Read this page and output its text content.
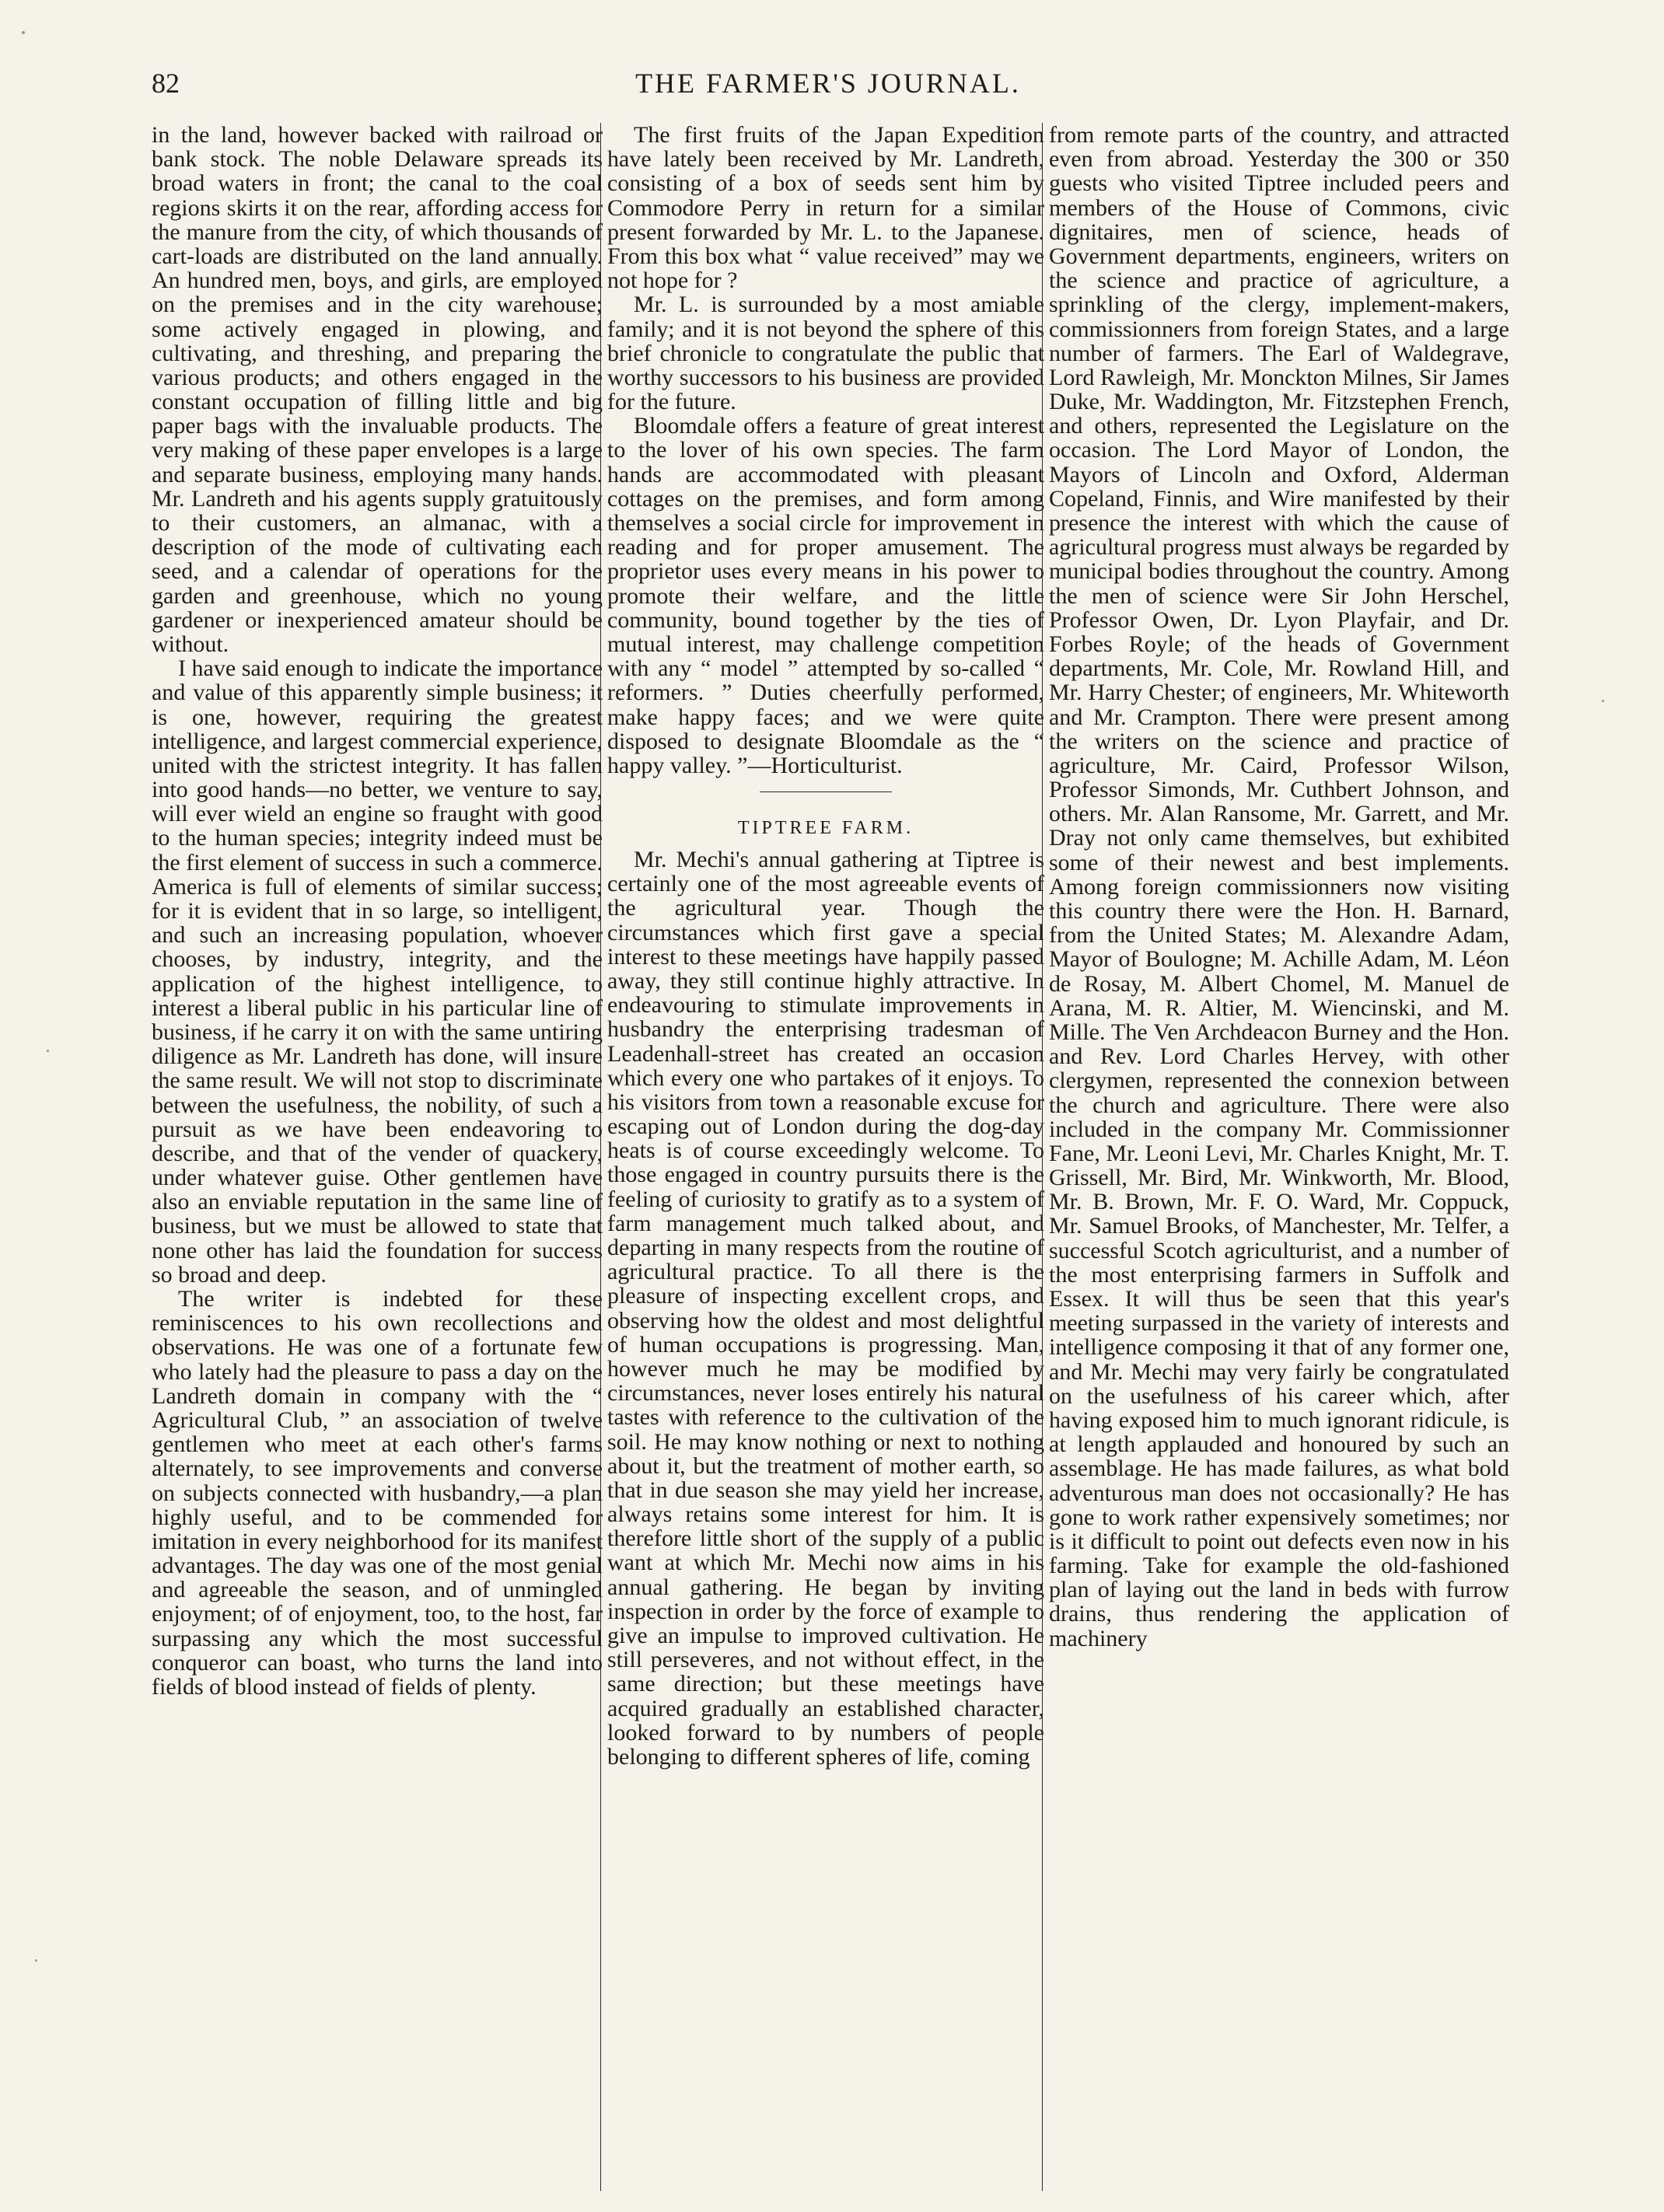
82	THE FARMER'S JOURNAL.

in the land, however backed with railroad or bank stock. The noble Delaware spreads its broad waters in front; the canal to the coal regions skirts it on the rear, affording access for the manure from the city, of which thousands of cart-loads are distributed on the land annually. An hundred men, boys, and girls, are employed on the premises and in the city warehouse; some actively engaged in plowing, and cultivating, and threshing, and preparing the various products; and others engaged in the constant occupation of filling little and big paper bags with the invaluable products. The very making of these paper envelopes is a large and separate business, employing many hands. Mr. Landreth and his agents supply gratuitously to their customers, an almanac, with a description of the mode of cultivating each seed, and a calendar of operations for the garden and greenhouse, which no young gardener or inexperienced amateur should be without.

I have said enough to indicate the importance and value of this apparently simple business; it is one, however, requiring the greatest intelligence, and largest commercial experience, united with the strictest integrity. It has fallen into good hands—no better, we venture to say, will ever wield an engine so fraught with good to the human species; integrity indeed must be the first element of success in such a commerce. America is full of elements of similar success; for it is evident that in so large, so intelligent, and such an increasing population, whoever chooses, by industry, integrity, and the application of the highest intelligence, to interest a liberal public in his particular line of business, if he carry it on with the same untiring diligence as Mr. Landreth has done, will insure the same result. We will not stop to discriminate between the usefulness, the nobility, of such a pursuit as we have been endeavoring to describe, and that of the vender of quackery, under whatever guise. Other gentlemen have also an enviable reputation in the same line of business, but we must be allowed to state that none other has laid the foundation for success so broad and deep.

The writer is indebted for these reminiscences to his own recollections and observations. He was one of a fortunate few who lately had the pleasure to pass a day on the Landreth domain in company with the “ Agricultural Club, ” an association of twelve gentlemen who meet at each other's farms alternately, to see improvements and converse on subjects connected with husbandry,—a plan highly useful, and to be commended for imitation in every neighborhood for its manifest advantages. The day was one of the most genial and agreeable the season, and of unmingled enjoyment; of of enjoyment, too, to the host, far surpassing any which the most successful conqueror can boast, who turns the land into fields of blood instead of fields of plenty.

The first fruits of the Japan Expedition have lately been received by Mr. Landreth, consisting of a box of seeds sent him by Commodore Perry in return for a similar present forwarded by Mr. L. to the Japanese. From this box what “ value received” may we not hope for ?

Mr. L. is surrounded by a most amiable family; and it is not beyond the sphere of this brief chronicle to congratulate the public that worthy successors to his business are provided for the future.

Bloomdale offers a feature of great interest to the lover of his own species. The farm hands are accommodated with pleasant cottages on the premises, and form among themselves a social circle for improvement in reading and for proper amusement. The proprietor uses every means in his power to promote their welfare, and the little community, bound together by the ties of mutual interest, may challenge competition with any “ model ” attempted by so-called “ reformers. ” Duties cheerfully performed, make happy faces; and we were quite disposed to designate Bloomdale as the “ happy valley. ”—Horticulturist.

TIPTREE FARM.

Mr. Mechi's annual gathering at Tiptree is certainly one of the most agreeable events of the agricultural year. Though the circumstances which first gave a special interest to these meetings have happily passed away, they still continue highly attractive. In endeavouring to stimulate improvements in husbandry the enterprising tradesman of Leadenhall-street has created an occasion which every one who partakes of it enjoys. To his visitors from town a reasonable excuse for escaping out of London during the dog-day heats is of course exceedingly welcome. To those engaged in country pursuits there is the feeling of curiosity to gratify as to a system of farm management much talked about, and departing in many respects from the routine of agricultural practice. To all there is the pleasure of inspecting excellent crops, and observing how the oldest and most delightful of human occupations is progressing. Man, however much he may be modified by circumstances, never loses entirely his natural tastes with reference to the cultivation of the soil. He may know nothing or next to nothing about it, but the treatment of mother earth, so that in due season she may yield her increase, always retains some interest for him. It is therefore little short of the supply of a public want at which Mr. Mechi now aims in his annual gathering. He began by inviting inspection in order by the force of example to give an impulse to improved cultivation. He still perseveres, and not without effect, in the same direction; but these meetings have acquired gradually an established character, looked forward to by numbers of people belonging to different spheres of life, coming

from remote parts of the country, and attracted even from abroad. Yesterday the 300 or 350 guests who visited Tiptree included peers and members of the House of Commons, civic dignitaires, men of science, heads of Government departments, engineers, writers on the science and practice of agriculture, a sprinkling of the clergy, implement-makers, commissionners from foreign States, and a large number of farmers. The Earl of Waldegrave, Lord Rawleigh, Mr. Monckton Milnes, Sir James Duke, Mr. Waddington, Mr. Fitzstephen French, and others, represented the Legislature on the occasion. The Lord Mayor of London, the Mayors of Lincoln and Oxford, Alderman Copeland, Finnis, and Wire manifested by their presence the interest with which the cause of agricultural progress must always be regarded by municipal bodies throughout the country. Among the men of science were Sir John Herschel, Professor Owen, Dr. Lyon Playfair, and Dr. Forbes Royle; of the heads of Government departments, Mr. Cole, Mr. Rowland Hill, and Mr. Harry Chester; of engineers, Mr. Whiteworth and Mr. Crampton. There were present among the writers on the science and practice of agriculture, Mr. Caird, Professor Wilson, Professor Simonds, Mr. Cuthbert Johnson, and others. Mr. Alan Ransome, Mr. Garrett, and Mr. Dray not only came themselves, but exhibited some of their newest and best implements. Among foreign commissionners now visiting this country there were the Hon. H. Barnard, from the United States; M. Alexandre Adam, Mayor of Boulogne; M. Achille Adam, M. Léon de Rosay, M. Albert Chomel, M. Manuel de Arana, M. R. Altier, M. Wiencinski, and M. Mille. The Ven Archdeacon Burney and the Hon. and Rev. Lord Charles Hervey, with other clergymen, represented the connexion between the church and agriculture. There were also included in the company Mr. Commissionner Fane, Mr. Leoni Levi, Mr. Charles Knight, Mr. T. Grissell, Mr. Bird, Mr. Winkworth, Mr. Blood, Mr. B. Brown, Mr. F. O. Ward, Mr. Coppuck, Mr. Samuel Brooks, of Manchester, Mr. Telfer, a successful Scotch agriculturist, and a number of the most enterprising farmers in Suffolk and Essex. It will thus be seen that this year's meeting surpassed in the variety of interests and intelligence composing it that of any former one, and Mr. Mechi may very fairly be congratulated on the usefulness of his career which, after having exposed him to much ignorant ridicule, is at length applauded and honoured by such an assemblage. He has made failures, as what bold adventurous man does not occasionally? He has gone to work rather expensively sometimes; nor is it difficult to point out defects even now in his farming. Take for example the old-fashioned plan of laying out the land in beds with furrow drains, thus rendering the application of machinery
